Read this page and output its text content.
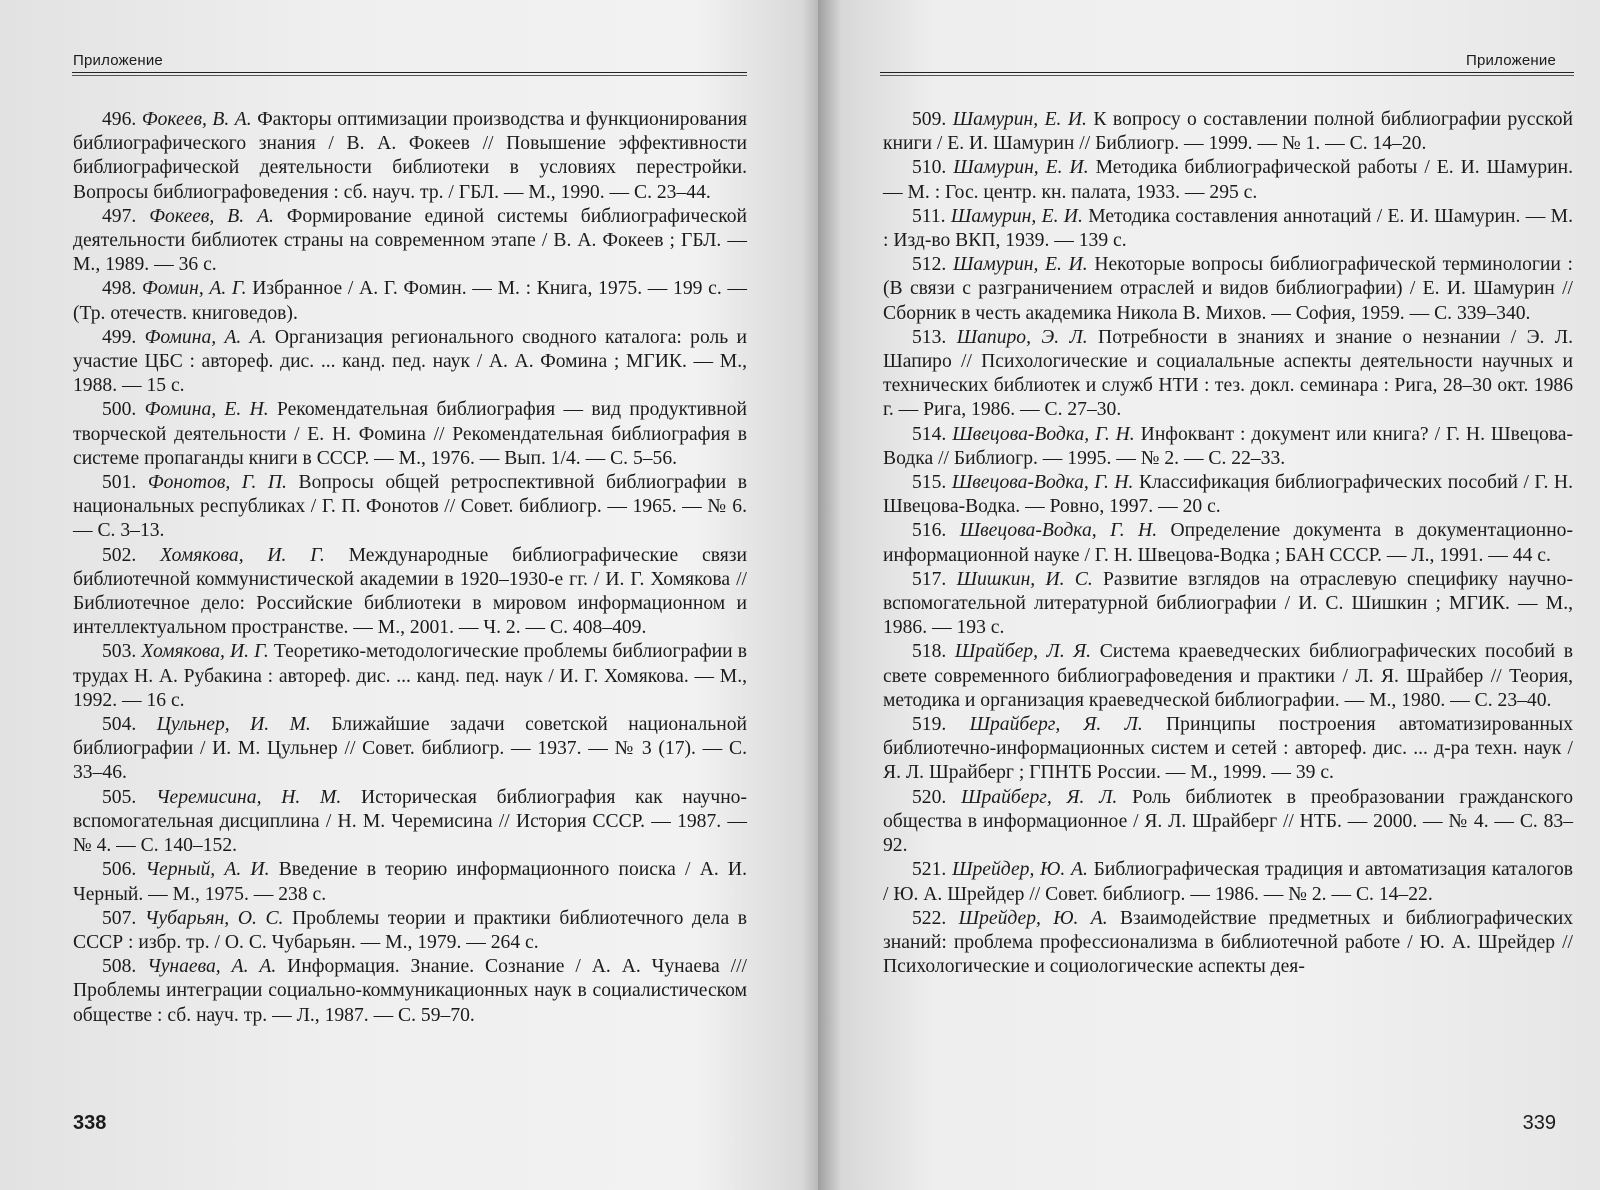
Приложение

496. Фокеев, В. А. Факторы оптимизации производства и функционирования библиографического знания / В. А. Фокеев // Повышение эффективности библиографической деятельности библиотеки в условиях перестройки. Вопросы библиографоведения : сб. науч. тр. / ГБЛ. — М., 1990. — С. 23–44.

497. Фокеев, В. А. Формирование единой системы библиографической деятельности библиотек страны на современном этапе / В. А. Фокеев ; ГБЛ. — М., 1989. — 36 с.

498. Фомин, А. Г. Избранное / А. Г. Фомин. — М. : Книга, 1975. — 199 с. — (Тр. отечеств. книговедов).

499. Фомина, А. А. Организация регионального сводного каталога: роль и участие ЦБС : автореф. дис. ... канд. пед. наук / А. А. Фомина ; МГИК. — М., 1988. — 15 с.

500. Фомина, Е. Н. Рекомендательная библиография — вид продуктивной творческой деятельности / Е. Н. Фомина // Рекомендательная библиография в системе пропаганды книги в СССР. — М., 1976. — Вып. 1/4. — С. 5–56.

501. Фонотов, Г. П. Вопросы общей ретроспективной библиографии в национальных республиках / Г. П. Фонотов // Совет. библиогр. — 1965. — № 6. — С. 3–13.

502. Хомякова, И. Г. Международные библиографические связи библиотечной коммунистической академии в 1920–1930-е гг. / И. Г. Хомякова // Библиотечное дело: Российские библиотеки в мировом информационном и интеллектуальном пространстве. — М., 2001. — Ч. 2. — С. 408–409.

503. Хомякова, И. Г. Теоретико-методологические проблемы библиографии в трудах Н. А. Рубакина : автореф. дис. ... канд. пед. наук / И. Г. Хомякова. — М., 1992. — 16 с.

504. Цульнер, И. М. Ближайшие задачи советской национальной библиографии / И. М. Цульнер // Совет. библиогр. — 1937. — № 3 (17). — С. 33–46.

505. Черемисина, Н. М. Историческая библиография как научно-вспомогательная дисциплина / Н. М. Черемисина // История СССР. — 1987. — № 4. — С. 140–152.

506. Черный, А. И. Введение в теорию информационного поиска / А. И. Черный. — М., 1975. — 238 с.

507. Чубарьян, О. С. Проблемы теории и практики библиотечного дела в СССР : избр. тр. / О. С. Чубарьян. — М., 1979. — 264 с.

508. Чунаева, А. А. Информация. Знание. Сознание / А. А. Чунаева /// Проблемы интеграции социально-коммуникационных наук в социалистическом обществе : сб. науч. тр. — Л., 1987. — С. 59–70.

338
Приложение

509. Шамурин, Е. И. К вопросу о составлении полной библиографии русской книги / Е. И. Шамурин // Библиогр. — 1999. — № 1. — С. 14–20.

510. Шамурин, Е. И. Методика библиографической работы / Е. И. Шамурин. — М. : Гос. центр. кн. палата, 1933. — 295 с.

511. Шамурин, Е. И. Методика составления аннотаций / Е. И. Шамурин. — М. : Изд-во ВКП, 1939. — 139 с.

512. Шамурин, Е. И. Некоторые вопросы библиографической терминологии : (В связи с разграничением отраслей и видов библиографии) / Е. И. Шамурин // Сборник в честь академика Никола В. Михов. — София, 1959. — С. 339–340.

513. Шапиро, Э. Л. Потребности в знаниях и знание о незнании / Э. Л. Шапиро // Психологические и социалальные аспекты деятельности научных и технических библиотек и служб НТИ : тез. докл. семинара : Рига, 28–30 окт. 1986 г. — Рига, 1986. — С. 27–30.

514. Швецова-Водка, Г. Н. Инфоквант : документ или книга? / Г. Н. Швецова-Водка // Библиогр. — 1995. — № 2. — С. 22–33.

515. Швецова-Водка, Г. Н. Классификация библиографических пособий / Г. Н. Швецова-Водка. — Ровно, 1997. — 20 с.

516. Швецова-Водка, Г. Н. Определение документа в документационно-информационной науке / Г. Н. Швецова-Водка ; БАН СССР. — Л., 1991. — 44 с.

517. Шишкин, И. С. Развитие взглядов на отраслевую специфику научно-вспомогательной литературной библиографии / И. С. Шишкин ; МГИК. — М., 1986. — 193 с.

518. Шрайбер, Л. Я. Система краеведческих библиографических пособий в свете современного библиографоведения и практики / Л. Я. Шрайбер // Теория, методика и организация краеведческой библиографии. — М., 1980. — С. 23–40.

519. Шрайберг, Я. Л. Принципы построения автоматизированных библиотечно-информационных систем и сетей : автореф. дис. ... д-ра техн. наук / Я. Л. Шрайберг ; ГПНТБ России. — М., 1999. — 39 с.

520. Шрайберг, Я. Л. Роль библиотек в преобразовании гражданского общества в информационное / Я. Л. Шрайберг // НТБ. — 2000. — № 4. — С. 83–92.

521. Шрейдер, Ю. А. Библиографическая традиция и автоматизация каталогов / Ю. А. Шрейдер // Совет. библиогр. — 1986. — № 2. — С. 14–22.

522. Шрейдер, Ю. А. Взаимодействие предметных и библиографических знаний: проблема профессионализма в библиотечной работе / Ю. А. Шрейдер // Психологические и социологические аспекты дея-

339
